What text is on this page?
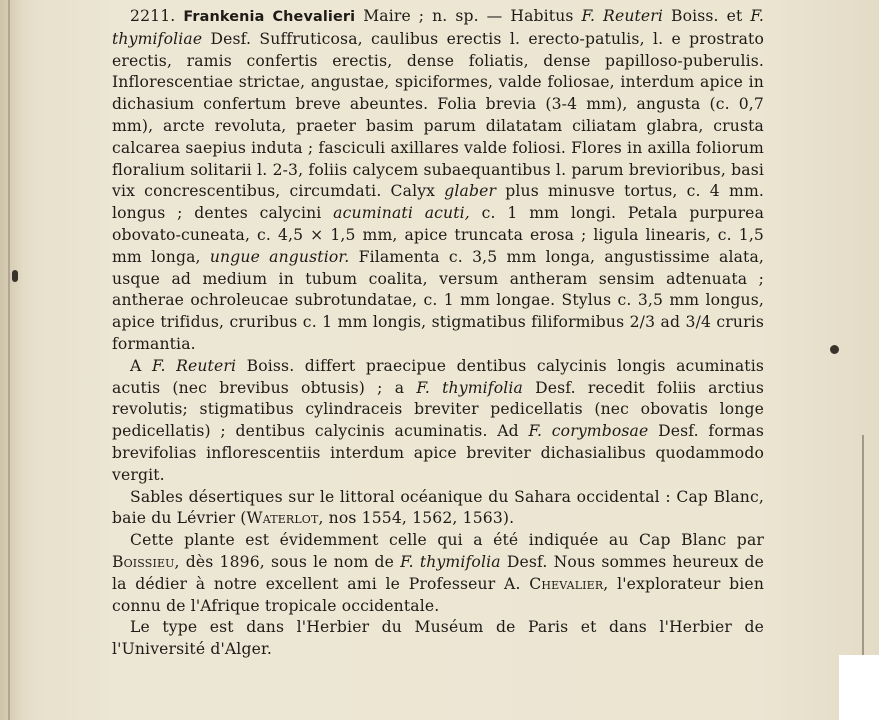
2211. Frankenia Chevalieri Maire ; n. sp. — Habitus F. Reuteri Boiss. et F. thymifoliae Desf. Suffruticosa, caulibus erectis l. erecto-patulis, l. e prostrato erectis, ramis confertis erectis, dense foliatis, dense papilloso-puberulis. Inflorescentiae strictae, angustae, spiciformes, valde foliosae, interdum apice in dichasium confertum breve abeuntes. Folia brevia (3-4 mm), angusta (c. 0,7 mm), arcte revoluta, praeter basim parum dilatatam ciliatam glabra, crusta calcarea saepius induta ; fasciculi axillares valde foliosi. Flores in axilla foliorum floralium solitarii l. 2-3, foliis calycem subaequantibus l. parum brevioribus, basi vix concrescentibus, circumdati. Calyx glaber plus minusve tortus, c. 4 mm. longus ; dentes calycini acuminati acuti, c. 1 mm longi. Petala purpurea obovato-cuneata, c. 4,5 × 1,5 mm, apice truncata erosa ; ligula linearis, c. 1,5 mm longa, ungue angustior. Filamenta c. 3,5 mm longa, angustissime alata, usque ad medium in tubum coalita, versum antheram sensim adtenuata ; antherae ochroleucae subrotundatae, c. 1 mm longae. Stylus c. 3,5 mm longus, apice trifidus, cruribus c. 1 mm longis, stigmatibus filiformibus 2/3 ad 3/4 cruris formantia.

A F. Reuteri Boiss. differt praecipue dentibus calycinis longis acuminatis acutis (nec brevibus obtusis) ; a F. thymifolia Desf. recedit foliis arctius revolutis; stigmatibus cylindraceis breviter pedicellatis (nec obovatis longe pedicellatis) ; dentibus calycinis acuminatis. Ad F. corymbosae Desf. formas brevifolias inflorescentiis interdum apice breviter dichasialibus quodammodo vergit.

Sables désertiques sur le littoral océanique du Sahara occidental : Cap Blanc, baie du Lévrier (Waterlot, nos 1554, 1562, 1563).

Cette plante est évidemment celle qui a été indiquée au Cap Blanc par Boissieu, dès 1896, sous le nom de F. thymifolia Desf. Nous sommes heureux de la dédier à notre excellent ami le Professeur A. Chevalier, l'explorateur bien connu de l'Afrique tropicale occidentale.

Le type est dans l'Herbier du Muséum de Paris et dans l'Herbier de l'Université d'Alger.
